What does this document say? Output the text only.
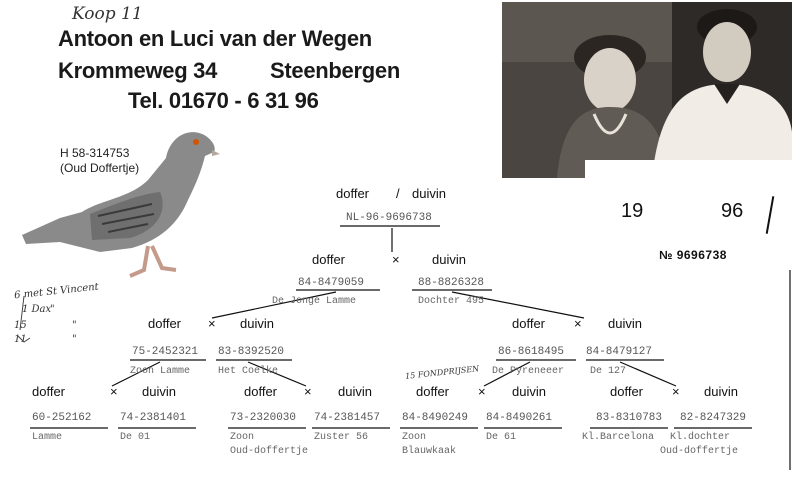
Koop 11
Antoon en Luci van der Wegen
Krommeweg 34 Steenbergen
Tel. 01670 - 6 31 96
19	96
№ 9696738
H 58-314753
(Oud Doffertje)
6 met St Vincent
1 Dax
15
11
"
"
"
15 FONDPRIJSEN
doffer / duivin
NL-96-9696738
doffer	× duivin
84-8479059
De Jonge Lamme
88-8826328
Dochter 495
doffer × duivin	doffer × duivin
75-2452321
Zoon Lamme
83-8392520
Het Coelke
86-8618495
De Pyreneeer
84-8479127
De 127
doffer	× duivin	doffer × duivin	doffer × duivin	doffer × duivin
60-252162
Lamme
74-2381401
De 01
73-2320030
Zoon
Oud-doffertje
74-2381457
Zuster 56
84-8490249
Zoon
Blauwkaak
84-8490261
De 61
83-8310783
Kl.Barcelona
82-8247329
Kl.dochter
Oud-doffertje
